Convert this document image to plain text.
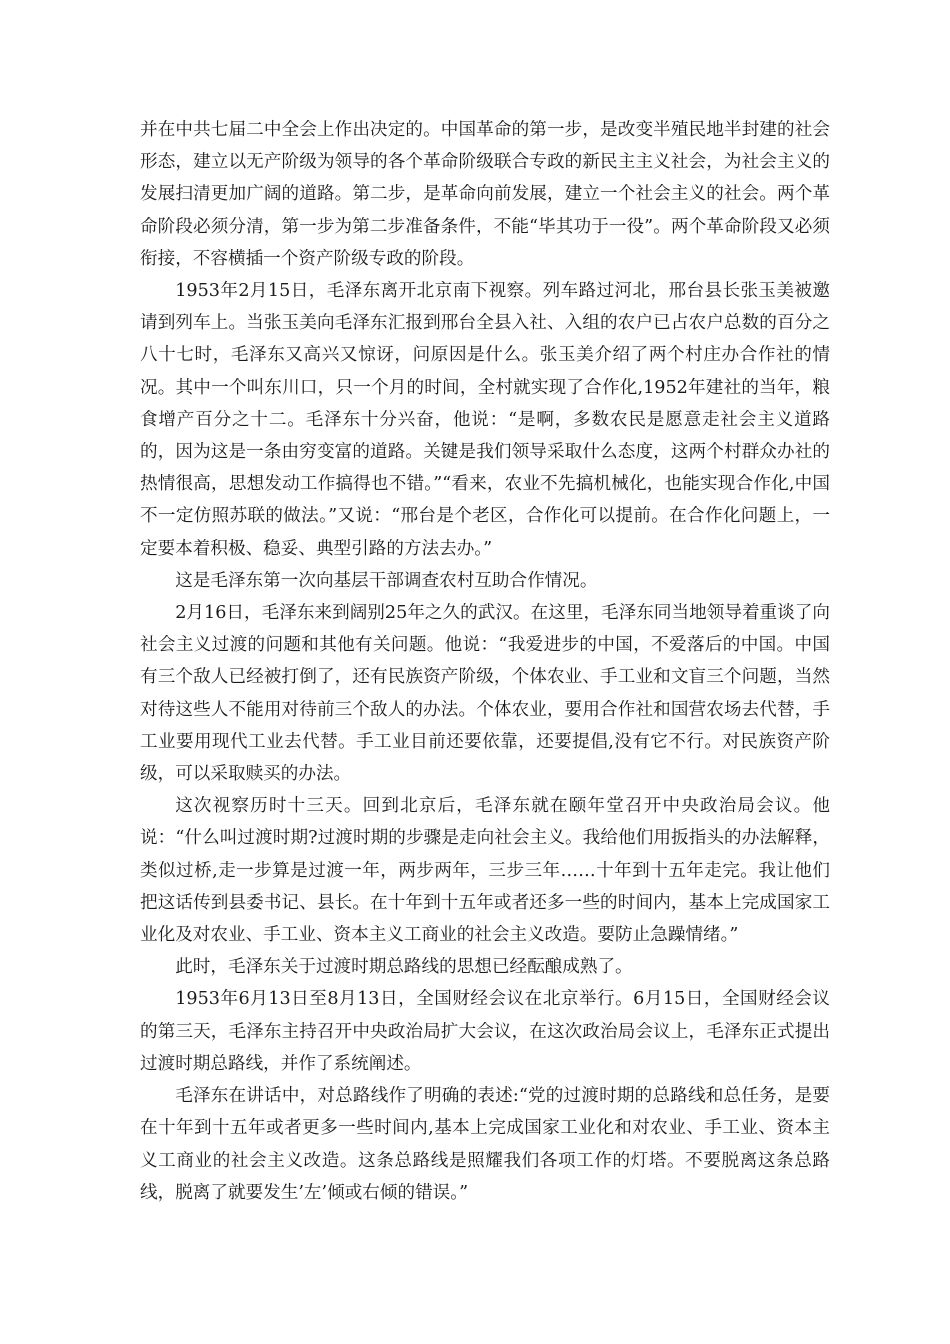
并在中共七届二中全会上作出决定的。中国革命的第一步，是改变半殖民地半封建的社会形态，建立以无产阶级为领导的各个革命阶级联合专政的新民主主义社会，为社会主义的发展扫清更加广阔的道路。第二步，是革命向前发展，建立一个社会主义的社会。两个革命阶段必须分清，第一步为第二步准备条件，不能“毕其功于一役”。两个革命阶段又必须衔接，不容横插一个资产阶级专政的阶段。

1953年2月15日，毛泽东离开北京南下视察。列车路过河北，邢台县长张玉美被邀请到列车上。当张玉美向毛泽东汇报到邢台全县入社、入组的农户已占农户总数的百分之八十七时，毛泽东又高兴又惊讶，问原因是什么。张玉美介绍了两个村庄办合作社的情况。其中一个叫东川口，只一个月的时间，全村就实现了合作化,1952年建社的当年，粮食增产百分之十二。毛泽东十分兴奋，他说：“是啊，多数农民是愿意走社会主义道路的，因为这是一条由穷变富的道路。关键是我们领导采取什么态度，这两个村群众办社的热情很高，思想发动工作搞得也不错。”“看来，农业不先搞机械化，也能实现合作化,中国不一定仿照苏联的做法。”又说：“邢台是个老区，合作化可以提前。在合作化问题上，一定要本着积极、稳妥、典型引路的方法去办。”

这是毛泽东第一次向基层干部调查农村互助合作情况。

2月16日，毛泽东来到阔别25年之久的武汉。在这里，毛泽东同当地领导着重谈了向社会主义过渡的问题和其他有关问题。他说：“我爱进步的中国，不爱落后的中国。中国有三个敌人已经被打倒了，还有民族资产阶级，个体农业、手工业和文盲三个问题，当然对待这些人不能用对待前三个敌人的办法。个体农业，要用合作社和国营农场去代替，手工业要用现代工业去代替。手工业目前还要依靠，还要提倡,没有它不行。对民族资产阶级，可以采取赎买的办法。

这次视察历时十三天。回到北京后，毛泽东就在颐年堂召开中央政治局会议。他说：“什么叫过渡时期?过渡时期的步骤是走向社会主义。我给他们用扳指头的办法解释，类似过桥,走一步算是过渡一年，两步两年，三步三年……十年到十五年走完。我让他们把这话传到县委书记、县长。在十年到十五年或者还多一些的时间内，基本上完成国家工业化及对农业、手工业、资本主义工商业的社会主义改造。要防止急躁情绪。”

此时，毛泽东关于过渡时期总路线的思想已经酝酿成熟了。

1953年6月13日至8月13日，全国财经会议在北京举行。6月15日，全国财经会议的第三天，毛泽东主持召开中央政治局扩大会议，在这次政治局会议上，毛泽东正式提出过渡时期总路线，并作了系统阐述。

毛泽东在讲话中，对总路线作了明确的表述:“党的过渡时期的总路线和总任务，是要在十年到十五年或者更多一些时间内,基本上完成国家工业化和对农业、手工业、资本主义工商业的社会主义改造。这条总路线是照耀我们各项工作的灯塔。不要脱离这条总路线，脱离了就要发生’左’倾或右倾的错误。”
